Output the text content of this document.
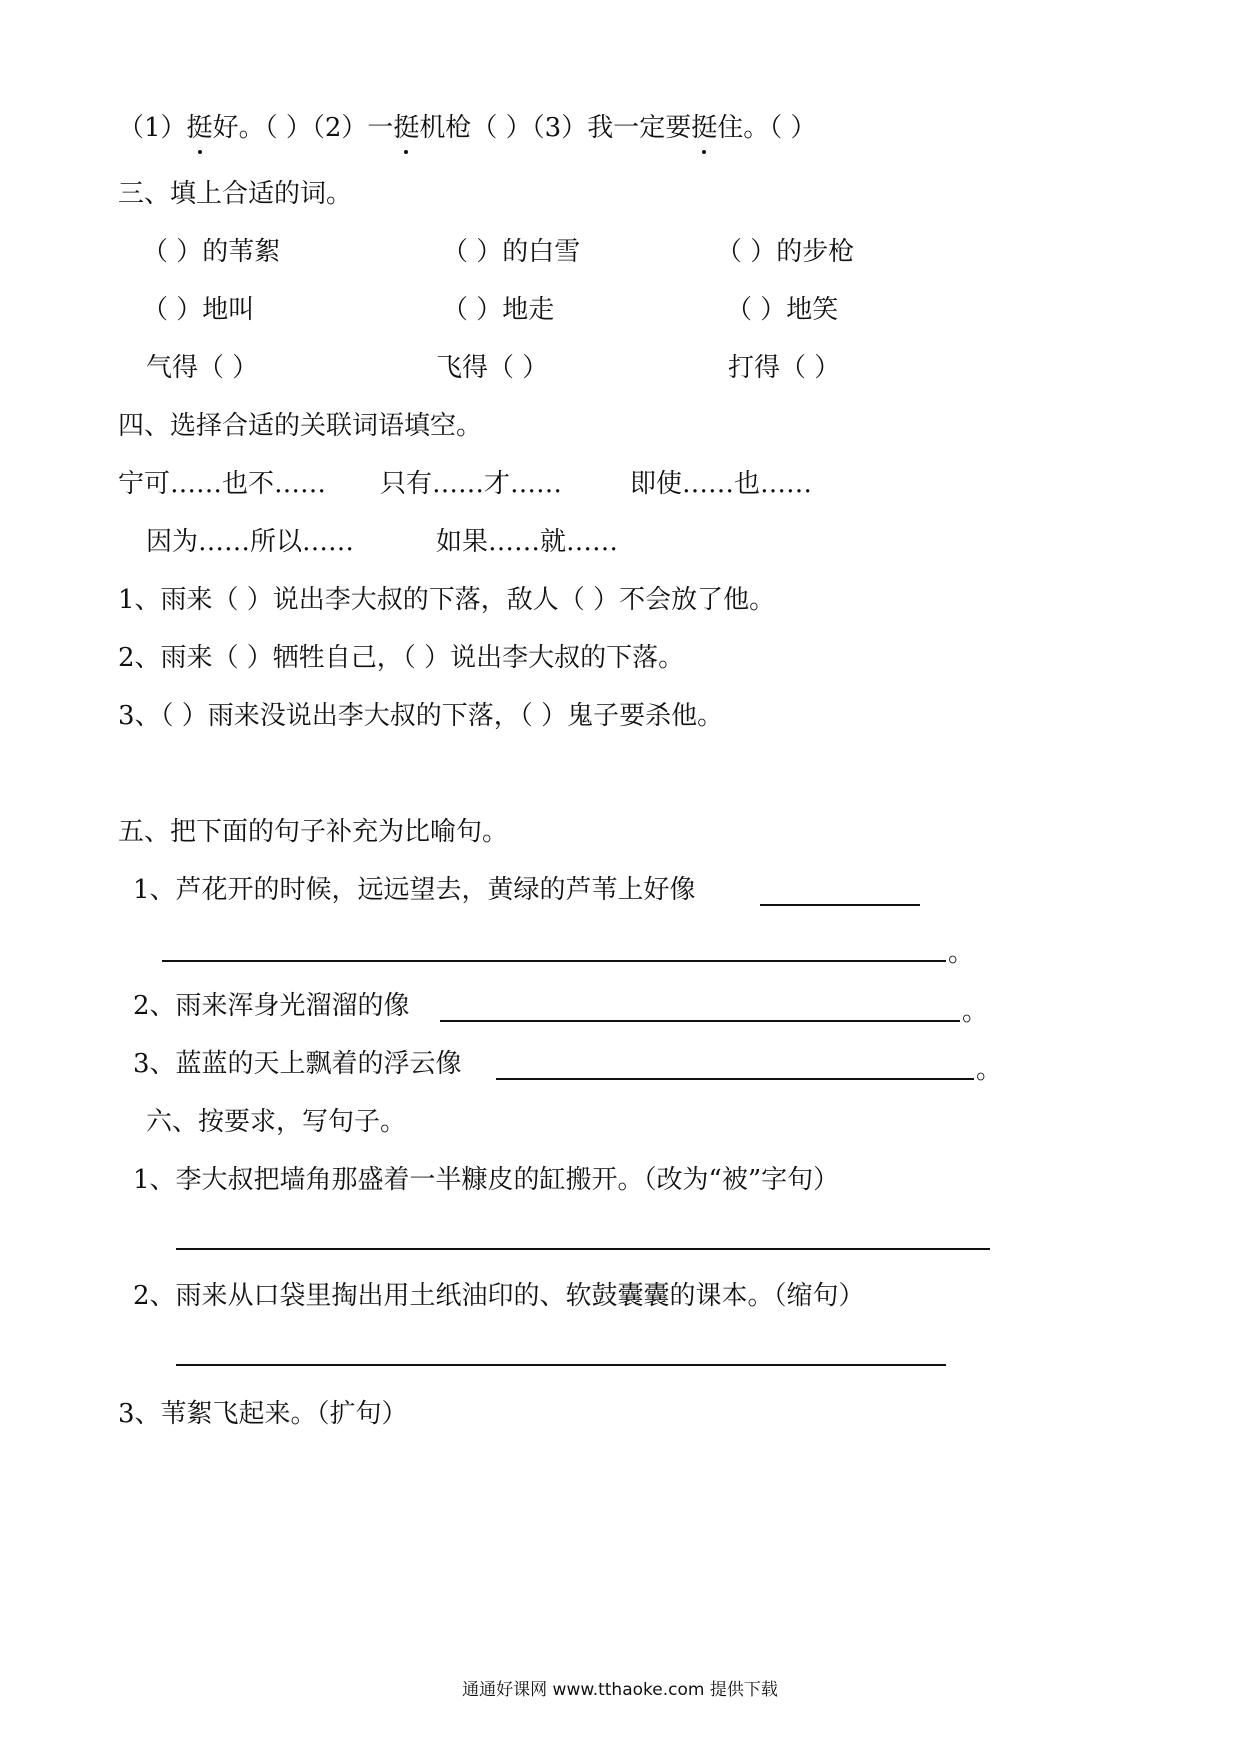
（1）挺好。（ ）（2）一挺机枪（ ）（3）我一定要挺住。（ ）
三、填上合适的词。
（ ）的苇絮	（ ）的白雪	（ ）的步枪
（ ）地叫	（ ）地走	（ ）地笑
气得（ ）	飞得（ ）	打得（ ）
四、选择合适的关联词语填空。
宁可……也不…… 只有……才……	即使……也……
因为……所以……	如果……就……
1、雨来（ ）说出李大叔的下落，敌人（ ）不会放了他。
2、雨来（ ）牺牲自己，（ ）说出李大叔的下落。
3、（ ）雨来没说出李大叔的下落，（ ）鬼子要杀他。
五、把下面的句子补充为比喻句。
1、芦花开的时候，远远望去，黄绿的芦苇上好像
。
2、雨来浑身光溜溜的像	。
3、蓝蓝的天上飘着的浮云像	。
六、按要求，写句子。
1、李大叔把墙角那盛着一半糠皮的缸搬开。（改为“被”字句）
2、雨来从口袋里掏出用土纸油印的、软鼓囊囊的课本。（缩句）
3、苇絮飞起来。（扩句）
通通好课网 www.tthaoke.com 提供下载
